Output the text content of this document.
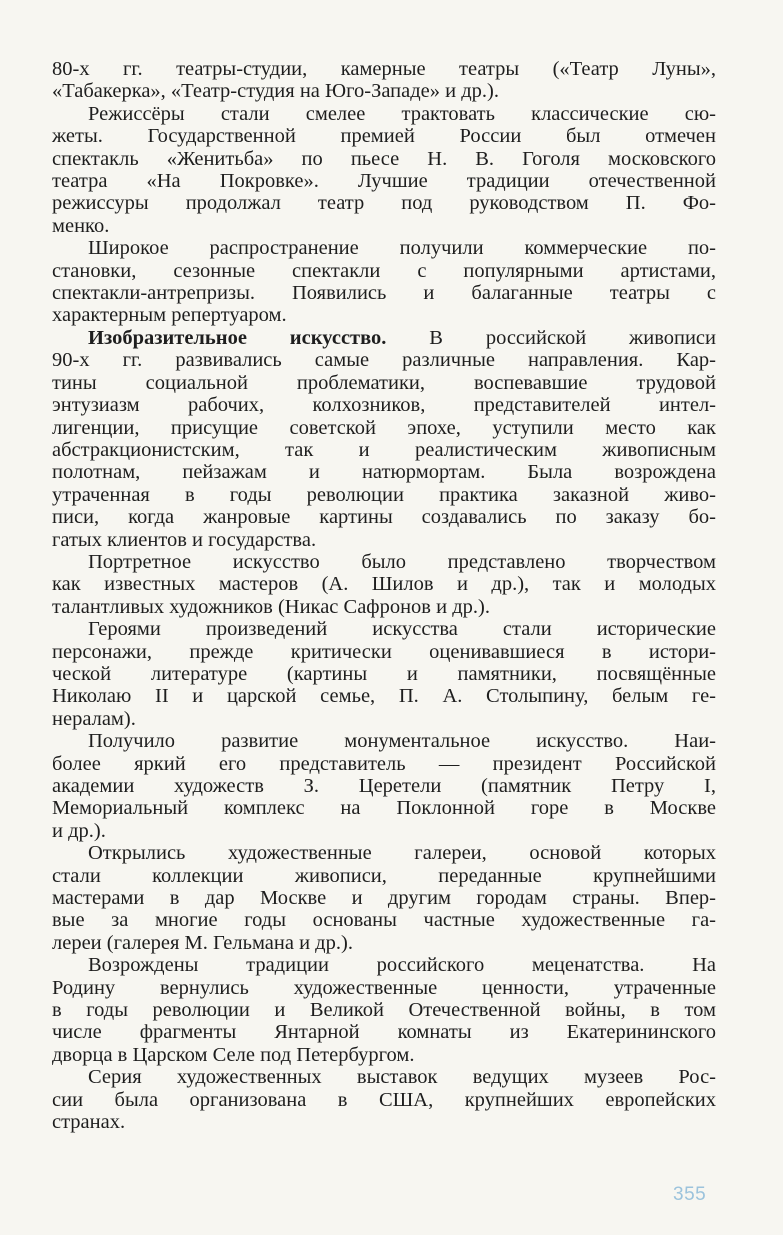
80-х гг. театры-студии, камерные театры («Театр Луны»,
«Табакерка», «Театр-студия на Юго-Западе» и др.).
Режиссёры стали смелее трактовать классические сю-
жеты. Государственной премией России был отмечен
спектакль «Женитьба» по пьесе Н. В. Гоголя московского
театра «На Покровке». Лучшие традиции отечественной
режиссуры продолжал театр под руководством П. Фо-
менко.
Широкое распространение получили коммерческие по-
становки, сезонные спектакли с популярными артистами,
спектакли-антрепризы. Появились и балаганные театры с
характерным репертуаром.
Изобразительное искусство. В российской живописи
90-х гг. развивались самые различные направления. Кар-
тины социальной проблематики, воспевавшие трудовой
энтузиазм рабочих, колхозников, представителей интел-
лигенции, присущие советской эпохе, уступили место как
абстракционистским, так и реалистическим живописным
полотнам, пейзажам и натюрмортам. Была возрождена
утраченная в годы революции практика заказной живо-
писи, когда жанровые картины создавались по заказу бо-
гатых клиентов и государства.
Портретное искусство было представлено творчеством
как известных мастеров (А. Шилов и др.), так и молодых
талантливых художников (Никас Сафронов и др.).
Героями произведений искусства стали исторические
персонажи, прежде критически оценивавшиеся в истори-
ческой литературе (картины и памятники, посвящённые
Николаю II и царской семье, П. А. Столыпину, белым ге-
нералам).
Получило развитие монументальное искусство. Наи-
более яркий его представитель — президент Российской
академии художеств З. Церетели (памятник Петру I,
Мемориальный комплекс на Поклонной горе в Москве
и др.).
Открылись художественные галереи, основой которых
стали коллекции живописи, переданные крупнейшими
мастерами в дар Москве и другим городам страны. Впер-
вые за многие годы основаны частные художественные га-
лереи (галерея М. Гельмана и др.).
Возрождены традиции российского меценатства. На
Родину вернулись художественные ценности, утраченные
в годы революции и Великой Отечественной войны, в том
числе фрагменты Янтарной комнаты из Екатерининского
дворца в Царском Селе под Петербургом.
Серия художественных выставок ведущих музеев Рос-
сии была организована в США, крупнейших европейских
странах.
355
